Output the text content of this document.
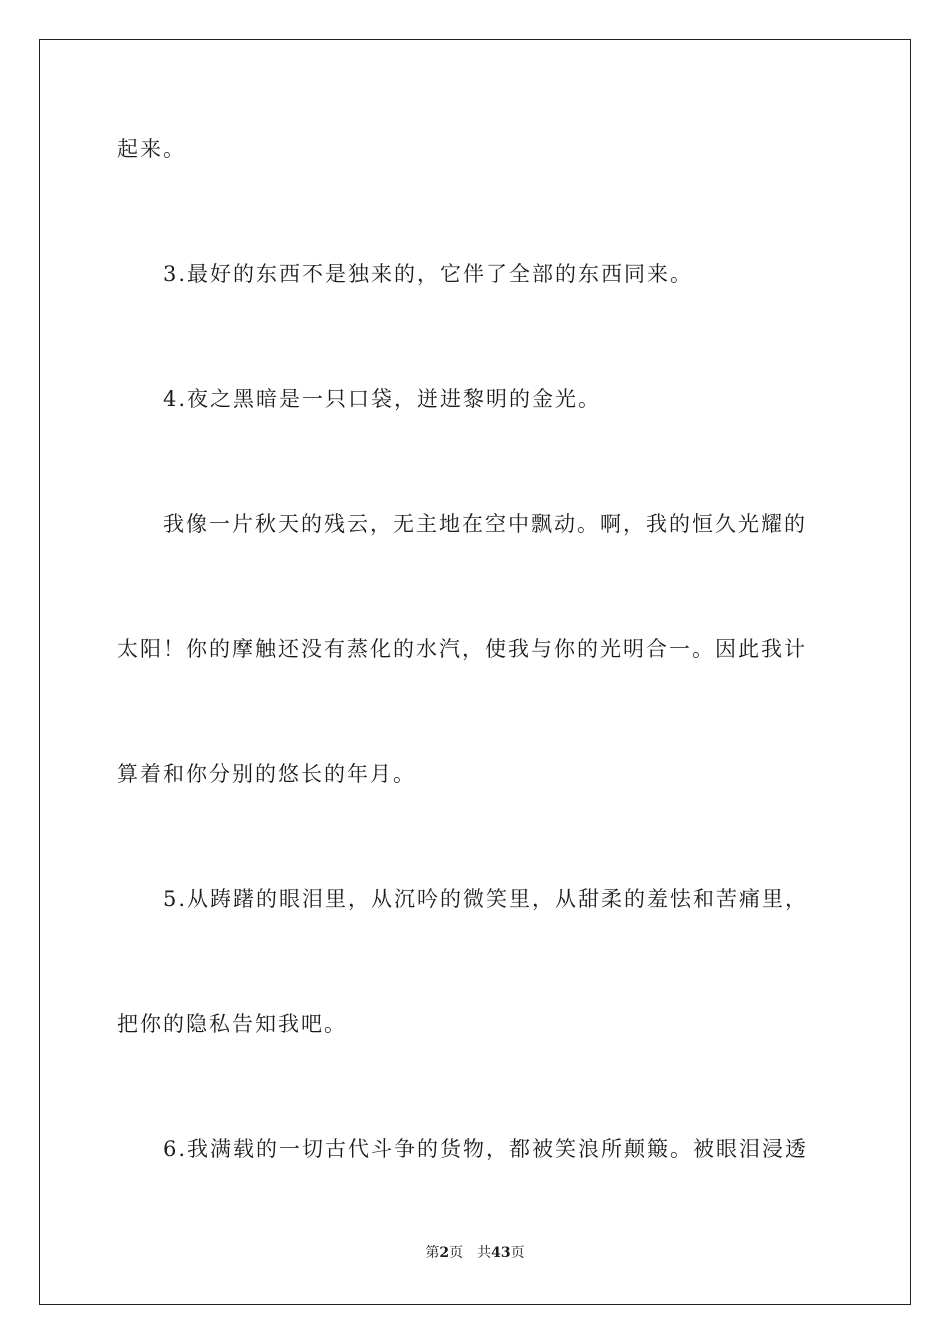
起来。
3.最好的东西不是独来的，它伴了全部的东西同来。
4.夜之黑暗是一只口袋，迸进黎明的金光。
我像一片秋天的残云，无主地在空中飘动。啊，我的恒久光耀的
太阳！你的摩触还没有蒸化的水汽，使我与你的光明合一。因此我计
算着和你分别的悠长的年月。
5.从踌躇的眼泪里，从沉吟的微笑里，从甜柔的羞怯和苦痛里，
把你的隐私告知我吧。
6.我满载的一切古代斗争的货物，都被笑浪所颠簸。被眼泪浸透
第2页 共43页
